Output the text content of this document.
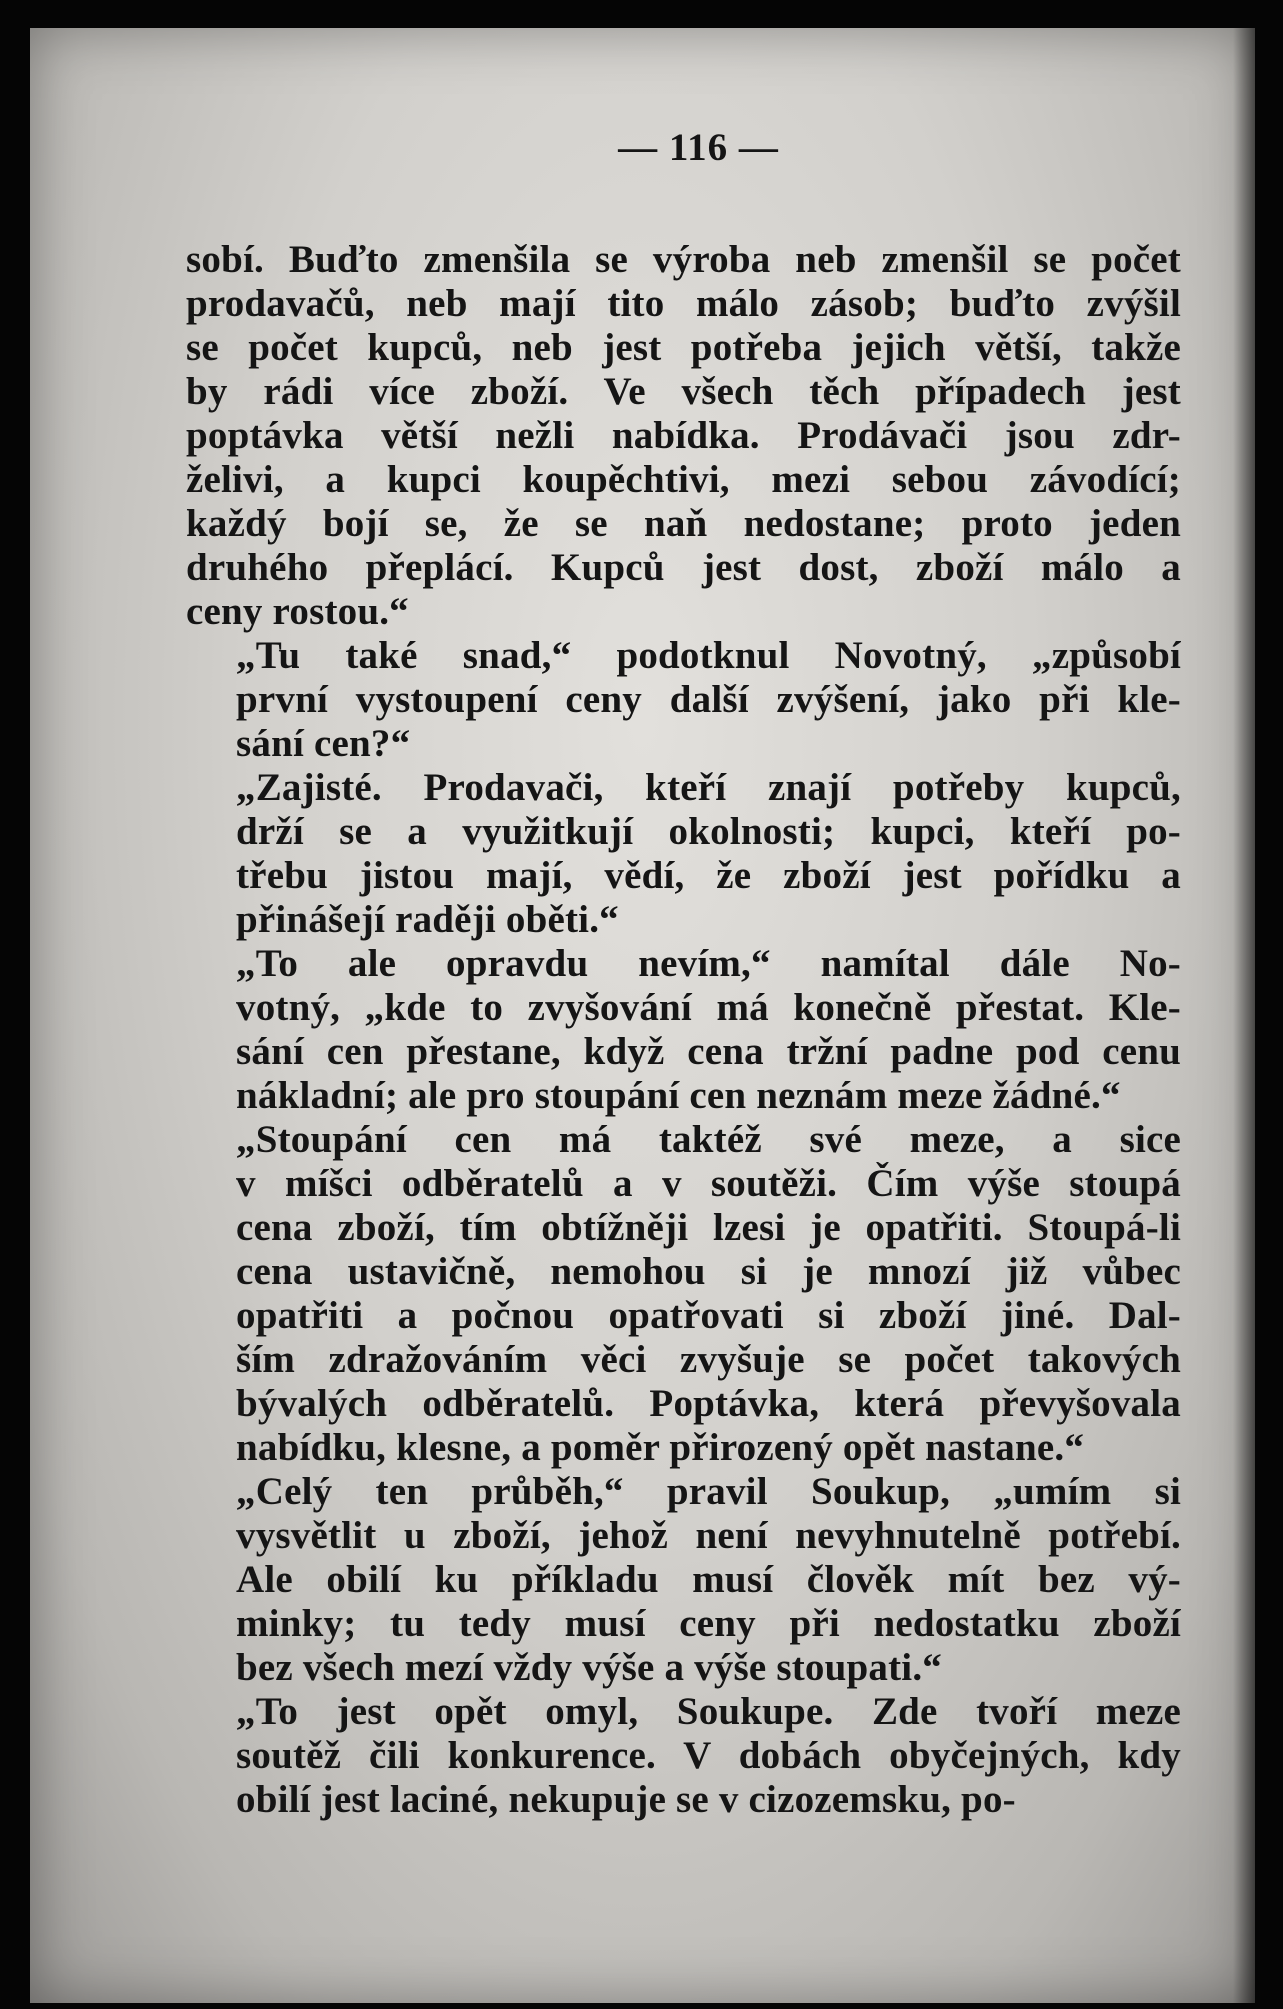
— 116 —
sobí. Buďto zmenšila se výroba neb zmenšil se počet
prodavačů, neb mají tito málo zásob; buďto zvýšil
se počet kupců, neb jest potřeba jejich větší, takže
by rádi více zboží. Ve všech těch případech jest
poptávka větší nežli nabídka. Prodávači jsou zdr-
želivi, a kupci koupěchtivi, mezi sebou závodící;
každý bojí se, že se naň nedostane; proto jeden
druhého přeplácí. Kupců jest dost, zboží málo a
ceny rostou.“
„Tu také snad,“ podotknul Novotný, „způsobí
první vystoupení ceny další zvýšení, jako při kle-
sání cen?“
„Zajisté. Prodavači, kteří znají potřeby kupců,
drží se a využitkují okolnosti; kupci, kteří po-
třebu jistou mají, vědí, že zboží jest pořídku a
přinášejí raději oběti.“
„To ale opravdu nevím,“ namítal dále No-
votný, „kde to zvyšování má konečně přestat. Kle-
sání cen přestane, když cena tržní padne pod cenu
nákladní; ale pro stoupání cen neznám meze žádné.“
„Stoupání cen má taktéž své meze, a sice
v míšci odběratelů a v soutěži. Čím výše stoupá
cena zboží, tím obtížněji lzesi je opatřiti. Stoupá-li
cena ustavičně, nemohou si je mnozí již vůbec
opatřiti a počnou opatřovati si zboží jiné. Dal-
ším zdražováním věci zvyšuje se počet takových
bývalých odběratelů. Poptávka, která převyšovala
nabídku, klesne, a poměr přirozený opět nastane.“
„Celý ten průběh,“ pravil Soukup, „umím si
vysvětlit u zboží, jehož není nevyhnutelně potřebí.
Ale obilí ku příkladu musí člověk mít bez vý-
minky; tu tedy musí ceny při nedostatku zboží
bez všech mezí vždy výše a výše stoupati.“
„To jest opět omyl, Soukupe. Zde tvoří meze
soutěž čili konkurence. V dobách obyčejných, kdy
obilí jest laciné, nekupuje se v cizozemsku, po-
